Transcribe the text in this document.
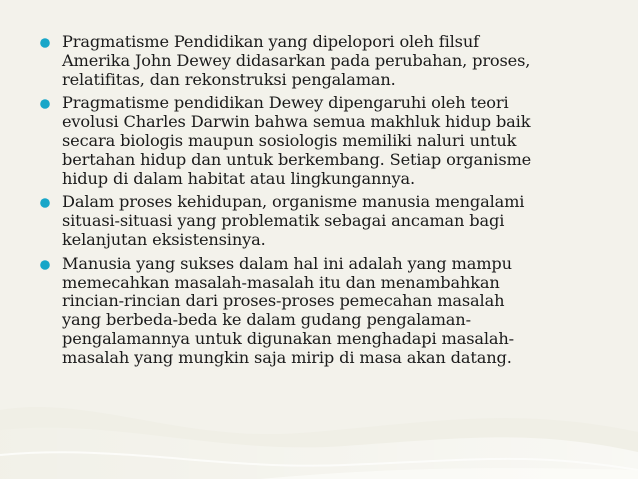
Pragmatisme Pendidikan yang dipelopori oleh filsuf
Amerika John Dewey didasarkan pada perubahan, proses,
relatifitas, dan rekonstruksi pengalaman.
Pragmatisme pendidikan Dewey dipengaruhi oleh teori
evolusi Charles Darwin bahwa semua makhluk hidup baik
secara biologis maupun sosiologis memiliki naluri untuk
bertahan hidup dan untuk berkembang. Setiap organisme
hidup di dalam habitat atau lingkungannya.
Dalam proses kehidupan, organisme manusia mengalami
situasi-situasi yang problematik sebagai ancaman bagi
kelanjutan eksistensinya.
Manusia yang sukses dalam hal ini adalah yang mampu
memecahkan masalah-masalah itu dan menambahkan
rincian-rincian dari proses-proses pemecahan masalah
yang berbeda-beda ke dalam gudang pengalaman-
pengalamannya untuk digunakan menghadapi masalah-
masalah yang mungkin saja mirip di masa akan datang.
